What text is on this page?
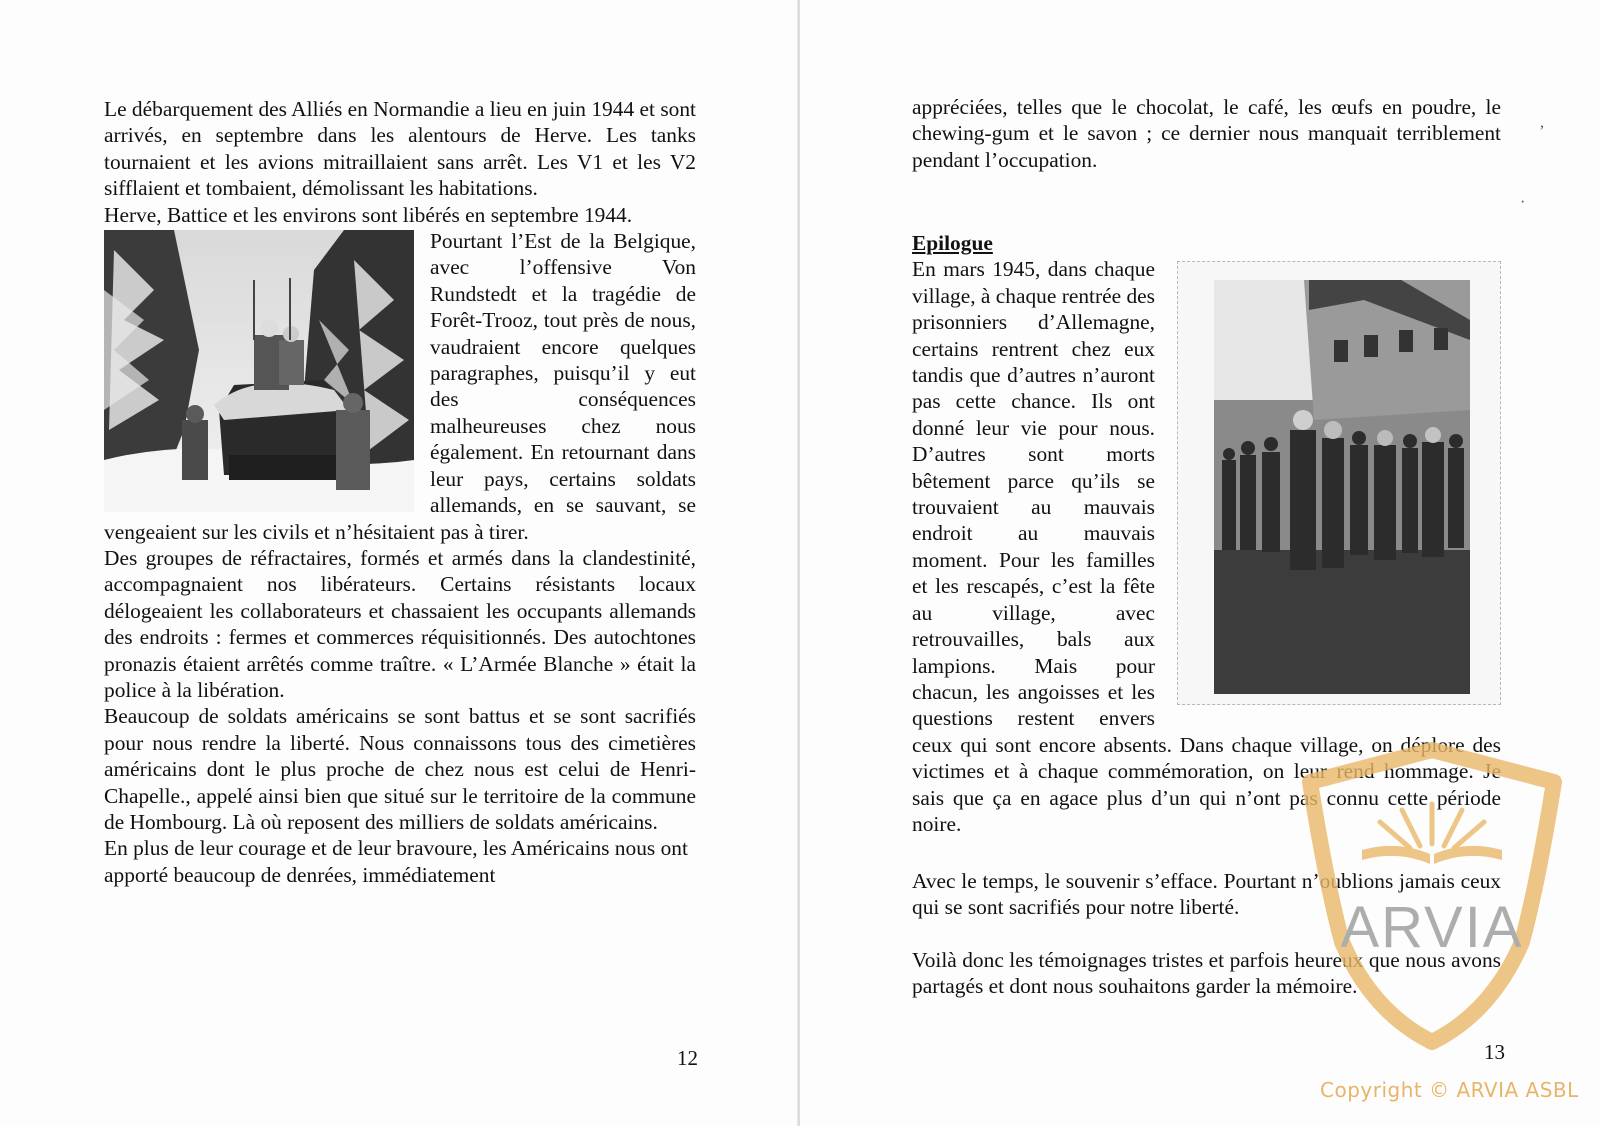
Le débarquement des Alliés en Normandie a lieu en juin 1944 et sont arrivés, en septembre dans les alentours de Herve. Les tanks tournaient et les avions mitraillaient sans arrêt. Les V1 et les V2 sifflaient et tombaient, démolissant les habitations.

Herve, Battice et les environs sont libérés en septembre 1944.

Pourtant l’Est de la Belgique, avec l’offensive Von Rundstedt et la tragédie de Forêt-Trooz, tout près de nous, vaudraient encore quelques paragraphes, puisqu’il y eut des conséquences malheureuses chez nous également. En retournant dans leur pays, certains soldats allemands, en se sauvant, se vengeaient sur les civils et n’hésitaient pas à tirer.

Des groupes de réfractaires, formés et armés dans la clandestinité, accompagnaient nos libérateurs. Certains résistants locaux délogeaient les collaborateurs et chassaient les occupants allemands des endroits : fermes et commerces réquisitionnés. Des autochtones pronazis étaient arrêtés comme traître. « L’Armée Blanche » était la police à la libération.

Beaucoup de soldats américains se sont battus et se sont sacrifiés pour nous rendre la liberté. Nous connaissons tous des cimetières américains dont le plus proche de chez nous est celui de Henri-Chapelle., appelé ainsi bien que situé sur le territoire de la commune de Hombourg. Là où reposent des milliers de soldats américains.

En plus de leur courage et de leur bravoure, les Américains nous ont apporté beaucoup de denrées, immédiatement

12

appréciées, telles que le chocolat, le café, les œufs en poudre, le chewing-gum et le savon ; ce dernier nous manquait terriblement pendant l’occupation.

Epilogue

En mars 1945, dans chaque village, à chaque rentrée des prisonniers d’Allemagne, certains rentrent chez eux tandis que d’autres n’auront pas cette chance. Ils ont donné leur vie pour nous. D’autres sont morts bêtement parce qu’ils se trouvaient au mauvais endroit au mauvais moment. Pour les familles et les rescapés, c’est la fête au village, avec retrouvailles, bals aux lampions. Mais pour chacun, les angoisses et les questions restent envers ceux qui sont encore absents. Dans chaque village, on déplore des victimes et à chaque commémoration, on leur rend hommage. Je sais que ça en agace plus d’un qui n’ont pas connu cette période noire.

Avec le temps, le souvenir s’efface. Pourtant n’oublions jamais ceux qui se sont sacrifiés pour notre liberté.

Voilà donc les témoignages tristes et parfois heureux que nous avons partagés et dont nous souhaitons garder la mémoire.

13
ARVIA
Copyright © ARVIA ASBL
,
·
